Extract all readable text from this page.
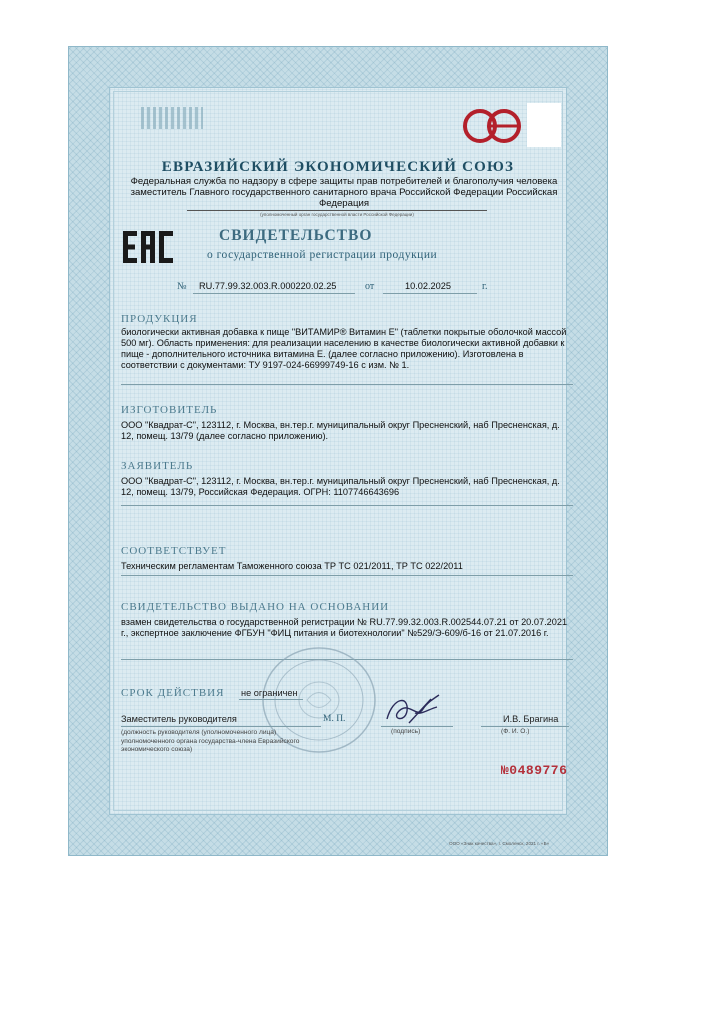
ЕВРАЗИЙСКИЙ ЭКОНОМИЧЕСКИЙ СОЮЗ
Федеральная служба по надзору в сфере защиты прав потребителей и благополучия человека заместитель Главного государственного санитарного врача Российской Федерации Российская Федерация
(уполномоченный орган государственной власти Российской Федерации)
СВИДЕТЕЛЬСТВО
о государственной регистрации продукции
№ RU.77.99.32.003.R.000220.02.25	от	10.02.2025	г.
ПРОДУКЦИЯ
биологически активная добавка к пище "ВИТАМИР® Витамин Е" (таблетки покрытые оболочкой массой 500 мг). Область применения: для реализации населению в качестве биологически активной добавки к пище - дополнительного источника витамина Е. (далее согласно приложению). Изготовлена в соответствии с документами: ТУ 9197-024-66999749-16 с изм. № 1.
ИЗГОТОВИТЕЛЬ
ООО "Квадрат-С", 123112, г. Москва, вн.тер.г. муниципальный округ Пресненский, наб Пресненская, д. 12, помещ. 13/79 (далее согласно приложению).
ЗАЯВИТЕЛЬ
ООО "Квадрат-С", 123112, г. Москва, вн.тер.г. муниципальный округ Пресненский, наб Пресненская, д. 12, помещ. 13/79, Российская Федерация. ОГРН: 1107746643696
СООТВЕТСТВУЕТ
Техническим регламентам Таможенного союза ТР ТС 021/2011, ТР ТС 022/2011
СВИДЕТЕЛЬСТВО ВЫДАНО НА ОСНОВАНИИ
взамен свидетельства о государственной регистрации № RU.77.99.32.003.R.002544.07.21 от 20.07.2021 г., экспертное заключение ФГБУН "ФИЦ питания и биотехнологии" №529/Э-609/б-16 от 21.07.2016 г.
СРОК ДЕЙСТВИЯ не ограничен
Заместитель руководителя	М. П.
(подпись)
И.В. Брагина
(Ф. И. О.)
(должность руководителя (уполномоченного лица) уполномоченного органа государства-члена Евразийского экономического союза)
№0489776
ООО «Знак качества», г. Смоленск, 2021 г. «Б»
